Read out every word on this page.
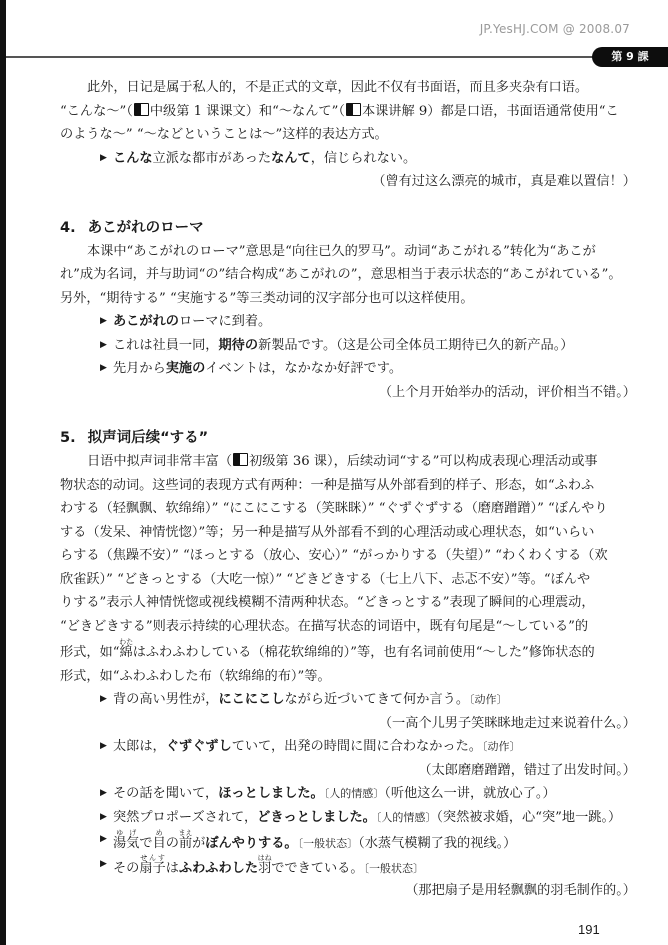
JP.YesHJ.COM @ 2008.07
第 9 課

此外，日记是属于私人的，不是正式的文章，因此不仅有书面语，而且多夹杂有口语。

“こんな～”（ 中级第 1 课课文）和“～なんて”（ 本课讲解 9）都是口语，书面语通常使用“こ

のような～” “～などということは～”这样的表达方式。

▶ こんな立派な都市があったなんて，信じられない。
（曾有过这么漂亮的城市，真是难以置信！）
4. あこがれのローマ

本课中“あこがれのローマ”意思是“向往已久的罗马”。动词“あこがれる”转化为“あこが

れ”成为名词，并与助词“の”结合构成“あこがれの”，意思相当于表示状态的“あこがれている”。

另外，“期待する” “実施する”等三类动词的汉字部分也可以这样使用。

▶ あこがれのローマに到着。
▶ これは社員一同，期待の新製品です。（这是公司全体员工期待已久的新产品。）
▶ 先月から実施のイベントは，なかなか好評です。
（上个月开始举办的活动，评价相当不错。）
5. 拟声词后续“する”

日语中拟声词非常丰富（ 初级第 36 课），后续动词“する”可以构成表现心理活动或事

物状态的动词。这些词的表现方式有两种：一种是描写从外部看到的样子、形态，如“ふわふ

わする（轻飘飘、软绵绵）” “にこにこする（笑眯眯）” “ぐずぐずする（磨磨蹭蹭）” “ぼんやり

する（发呆、神情恍惚）”等；另一种是描写从外部看不到的心理活动或心理状态，如“いらい

らする（焦躁不安）” “ほっとする（放心、安心）” “がっかりする（失望）” “わくわくする（欢

欣雀跃）” “どきっとする（大吃一惊）” “どきどきする（七上八下、忐忑不安）”等。“ぼんや

りする”表示人神情恍惚或视线模糊不清两种状态。“どきっとする”表现了瞬间的心理震动，

“どきどきする”则表示持续的心理状态。在描写状态的词语中，既有句尾是“～している”的

形式，如“綿わたはふわふわしている（棉花软绵绵的）”等，也有名词前使用“～した”修饰状态的

形式，如“ふわふわした布（软绵绵的布）”等。

▶ 背の高い男性が，にこにこしながら近づいてきて何か言う。〔动作〕
（一高个儿男子笑眯眯地走过来说着什么。）
▶ 太郎は，ぐずぐずしていて，出発の時間に間に合わなかった。〔动作〕
（太郎磨磨蹭蹭，错过了出发时间。）
▶ その話を聞いて，ほっとしました。〔人的情感〕（听他这么一讲，就放心了。）
▶ 突然プロポーズされて，どきっとしました。〔人的情感〕（突然被求婚，心“突”地一跳。）
▶ 湯気ゆげで目めの前まえがぼんやりする。〔一般状态〕（水蒸气模糊了我的视线。）
▶ その扇子せんすはふわふわした羽はねでできている。〔一般状态〕
（那把扇子是用轻飘飘的羽毛制作的。）
191
